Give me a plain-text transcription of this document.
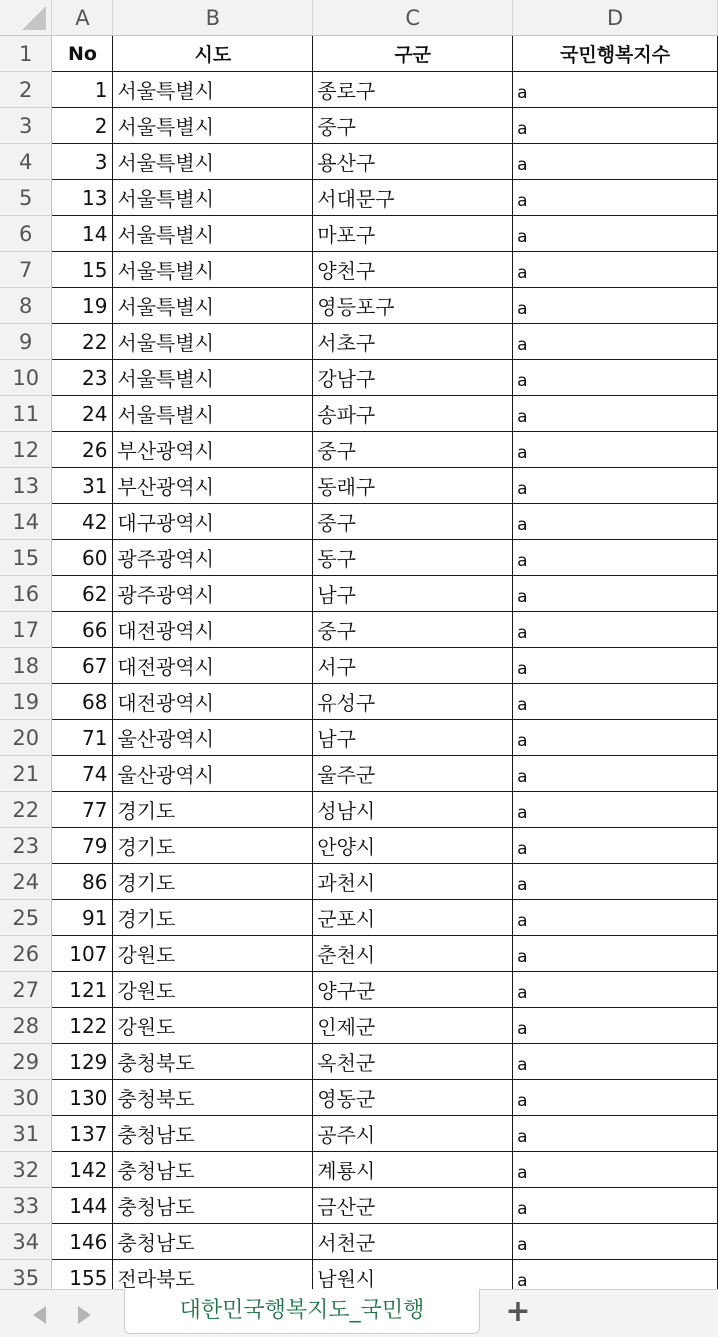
	A	B	C	D
1	No	시도	구군	국민행복지수
2	1	서울특별시	종로구	a
3	2	서울특별시	중구	a
4	3	서울특별시	용산구	a
5	13	서울특별시	서대문구	a
6	14	서울특별시	마포구	a
7	15	서울특별시	양천구	a
8	19	서울특별시	영등포구	a
9	22	서울특별시	서초구	a
10	23	서울특별시	강남구	a
11	24	서울특별시	송파구	a
12	26	부산광역시	중구	a
13	31	부산광역시	동래구	a
14	42	대구광역시	중구	a
15	60	광주광역시	동구	a
16	62	광주광역시	남구	a
17	66	대전광역시	중구	a
18	67	대전광역시	서구	a
19	68	대전광역시	유성구	a
20	71	울산광역시	남구	a
21	74	울산광역시	울주군	a
22	77	경기도	성남시	a
23	79	경기도	안양시	a
24	86	경기도	과천시	a
25	91	경기도	군포시	a
26	107	강원도	춘천시	a
27	121	강원도	양구군	a
28	122	강원도	인제군	a
29	129	충청북도	옥천군	a
30	130	충청북도	영동군	a
31	137	충청남도	공주시	a
32	142	충청남도	계룡시	a
33	144	충청남도	금산군	a
34	146	충청남도	서천군	a
35	155	전라북도	남원시	a
대한민국행복지도_국민행	+
